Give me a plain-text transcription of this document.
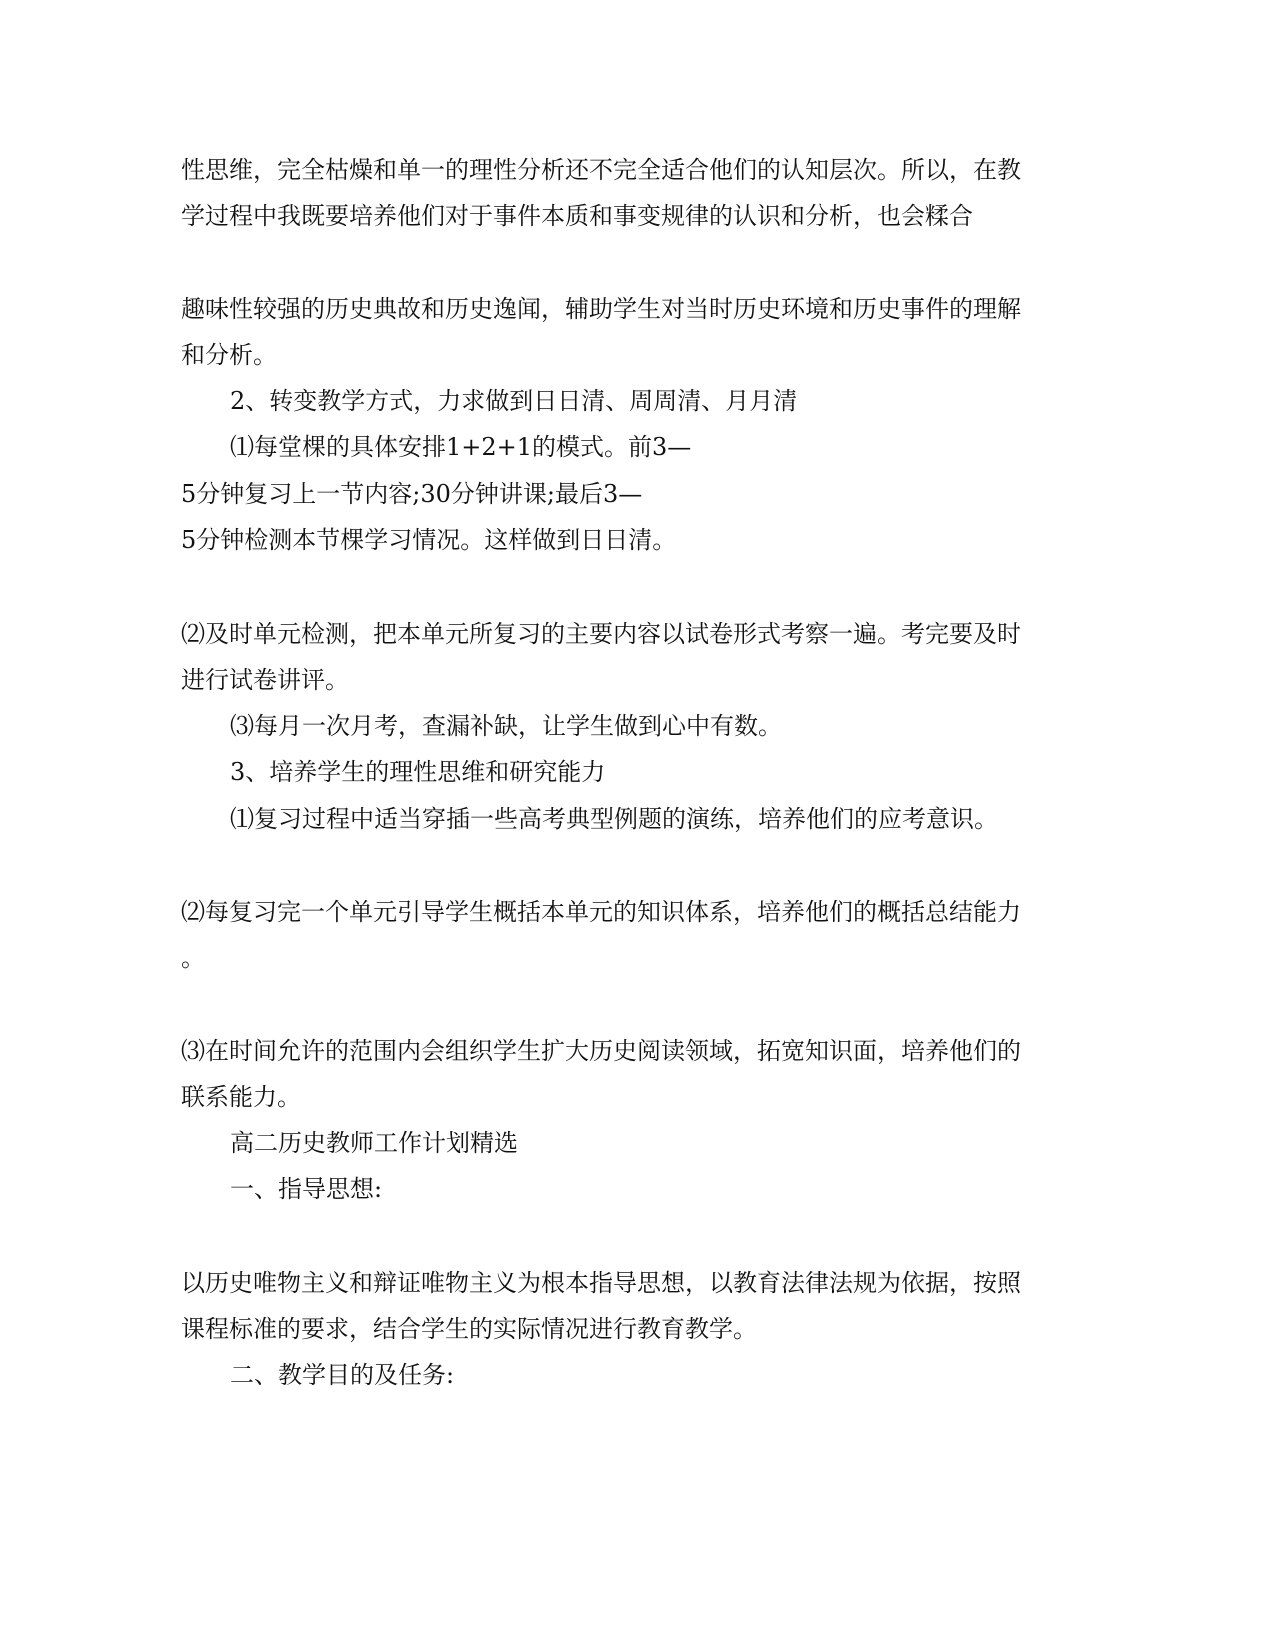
性思维，完全枯燥和单一的理性分析还不完全适合他们的认知层次。所以，在教
学过程中我既要培养他们对于事件本质和事变规律的认识和分析，也会糅合
趣味性较强的历史典故和历史逸闻，辅助学生对当时历史环境和历史事件的理解
和分析。
2、转变教学方式，力求做到日日清、周周清、月月清
⑴每堂棵的具体安排1+2+1的模式。前3—
5分钟复习上一节内容;30分钟讲课;最后3—
5分钟检测本节棵学习情况。这样做到日日清。
⑵及时单元检测，把本单元所复习的主要内容以试卷形式考察一遍。考完要及时
进行试卷讲评。
⑶每月一次月考，查漏补缺，让学生做到心中有数。
3、培养学生的理性思维和研究能力
⑴复习过程中适当穿插一些高考典型例题的演练，培养他们的应考意识。
⑵每复习完一个单元引导学生概括本单元的知识体系，培养他们的概括总结能力
。
⑶在时间允许的范围内会组织学生扩大历史阅读领域，拓宽知识面，培养他们的
联系能力。
高二历史教师工作计划精选
一、指导思想:
以历史唯物主义和辩证唯物主义为根本指导思想，以教育法律法规为依据，按照
课程标准的要求，结合学生的实际情况进行教育教学。
二、教学目的及任务:
